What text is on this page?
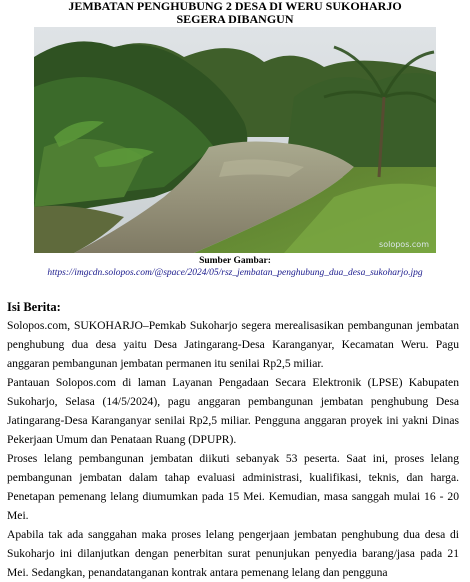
JEMBATAN PENGHUBUNG 2 DESA DI WERU SUKOHARJO
SEGERA DIBANGUN
solopos.com
Sumber Gambar:
https://imgcdn.solopos.com/@space/2024/05/rsz_jembatan_penghubung_dua_desa_sukoharjo.jpg
Isi Berita:

Solopos.com, SUKOHARJO–Pemkab Sukoharjo segera merealisasikan pembangunan jembatan penghubung dua desa yaitu Desa Jatingarang-Desa Karanganyar, Kecamatan Weru. Pagu anggaran pembangunan jembatan permanen itu senilai Rp2,5 miliar.

Pantauan Solopos.com di laman Layanan Pengadaan Secara Elektronik (LPSE) Kabupaten Sukoharjo, Selasa (14/5/2024), pagu anggaran pembangunan jembatan penghubung Desa Jatingarang-Desa Karanganyar senilai Rp2,5 miliar. Pengguna anggaran proyek ini yakni Dinas Pekerjaan Umum dan Penataan Ruang (DPUPR).

Proses lelang pembangunan jembatan diikuti sebanyak 53 peserta. Saat ini, proses lelang pembangunan jembatan dalam tahap evaluasi administrasi, kualifikasi, teknis, dan harga. Penetapan pemenang lelang diumumkan pada 15 Mei. Kemudian, masa sanggah mulai 16 - 20 Mei.

Apabila tak ada sanggahan maka proses lelang pengerjaan jembatan penghubung dua desa di Sukoharjo ini dilanjutkan dengan penerbitan surat penunjukan penyedia barang/jasa pada 21 Mei. Sedangkan, penandatanganan kontrak antara pemenang lelang dan pengguna
